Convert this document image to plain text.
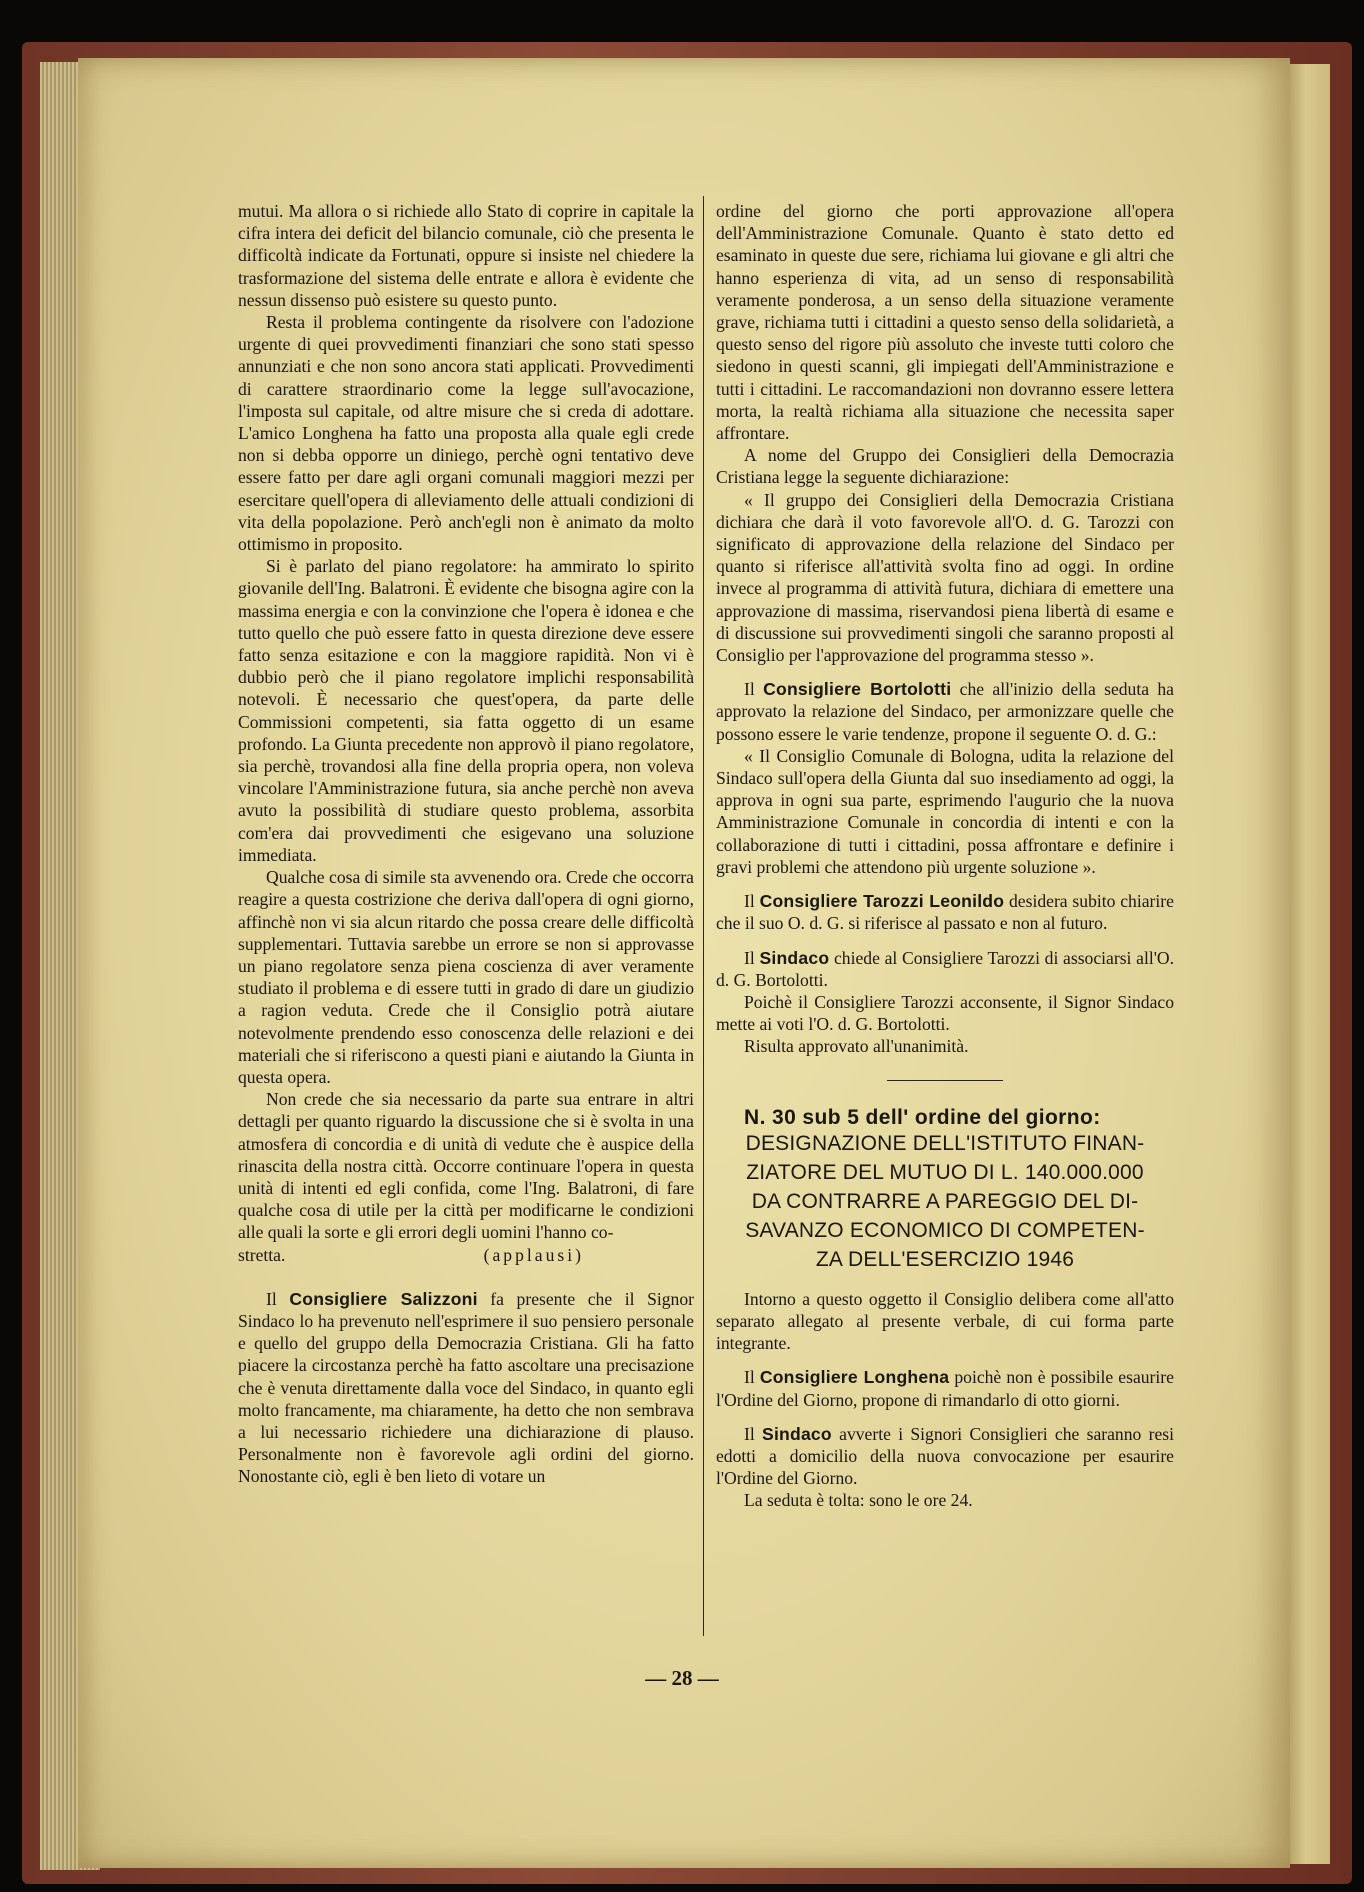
mutui. Ma allora o si richiede allo Stato di coprire in capitale la cifra intera dei deficit del bilancio comunale, ciò che presenta le difficoltà indicate da Fortunati, oppure si insiste nel chiedere la trasformazione del sistema delle entrate e allora è evidente che nessun dissenso può esistere su questo punto.

Resta il problema contingente da risolvere con l'adozione urgente di quei provvedimenti finanziari che sono stati spesso annunziati e che non sono ancora stati applicati. Provvedimenti di carattere straordinario come la legge sull'avocazione, l'imposta sul capitale, od altre misure che si creda di adottare. L'amico Longhena ha fatto una proposta alla quale egli crede non si debba opporre un diniego, perchè ogni tentativo deve essere fatto per dare agli organi comunali maggiori mezzi per esercitare quell'opera di alleviamento delle attuali condizioni di vita della popolazione. Però anch'egli non è animato da molto ottimismo in proposito.

Si è parlato del piano regolatore: ha ammirato lo spirito giovanile dell'Ing. Balatroni. È evidente che bisogna agire con la massima energia e con la convinzione che l'opera è idonea e che tutto quello che può essere fatto in questa direzione deve essere fatto senza esitazione e con la maggiore rapidità. Non vi è dubbio però che il piano regolatore implichi responsabilità notevoli. È necessario che quest'opera, da parte delle Commissioni competenti, sia fatta oggetto di un esame profondo. La Giunta precedente non approvò il piano regolatore, sia perchè, trovandosi alla fine della propria opera, non voleva vincolare l'Amministrazione futura, sia anche perchè non aveva avuto la possibilità di studiare questo problema, assorbita com'era dai provvedimenti che esigevano una soluzione immediata.

Qualche cosa di simile sta avvenendo ora. Crede che occorra reagire a questa costrizione che deriva dall'opera di ogni giorno, affinchè non vi sia alcun ritardo che possa creare delle difficoltà supplementari. Tuttavia sarebbe un errore se non si approvasse un piano regolatore senza piena coscienza di aver veramente studiato il problema e di essere tutti in grado di dare un giudizio a ragion veduta. Crede che il Consiglio potrà aiutare notevolmente prendendo esso conoscenza delle relazioni e dei materiali che si riferiscono a questi piani e aiutando la Giunta in questa opera.

Non crede che sia necessario da parte sua entrare in altri dettagli per quanto riguardo la discussione che si è svolta in una atmosfera di concordia e di unità di vedute che è auspice della rinascita della nostra città. Occorre continuare l'opera in questa unità di intenti ed egli confida, come l'Ing. Balatroni, di fare qualche cosa di utile per la città per modificarne le condizioni alle quali la sorte e gli errori degli uomini l'hanno co-

stretta.	(applausi)

Il Consigliere Salizzoni fa presente che il Signor Sindaco lo ha prevenuto nell'esprimere il suo pensiero personale e quello del gruppo della Democrazia Cristiana. Gli ha fatto piacere la circostanza perchè ha fatto ascoltare una precisazione che è venuta direttamente dalla voce del Sindaco, in quanto egli molto francamente, ma chiaramente, ha detto che non sembrava a lui necessario richiedere una dichiarazione di plauso. Personalmente non è favorevole agli ordini del giorno. Nonostante ciò, egli è ben lieto di votare un

ordine del giorno che porti approvazione all'opera dell'Amministrazione Comunale. Quanto è stato detto ed esaminato in queste due sere, richiama lui giovane e gli altri che hanno esperienza di vita, ad un senso di responsabilità veramente ponderosa, a un senso della situazione veramente grave, richiama tutti i cittadini a questo senso della solidarietà, a questo senso del rigore più assoluto che investe tutti coloro che siedono in questi scanni, gli impiegati dell'Amministrazione e tutti i cittadini. Le raccomandazioni non dovranno essere lettera morta, la realtà richiama alla situazione che necessita saper affrontare.

A nome del Gruppo dei Consiglieri della Democrazia Cristiana legge la seguente dichiarazione:

« Il gruppo dei Consiglieri della Democrazia Cristiana dichiara che darà il voto favorevole all'O. d. G. Tarozzi con significato di approvazione della relazione del Sindaco per quanto si riferisce all'attività svolta fino ad oggi. In ordine invece al programma di attività futura, dichiara di emettere una approvazione di massima, riservandosi piena libertà di esame e di discussione sui provvedimenti singoli che saranno proposti al Consiglio per l'approvazione del programma stesso ».

Il Consigliere Bortolotti che all'inizio della seduta ha approvato la relazione del Sindaco, per armonizzare quelle che possono essere le varie tendenze, propone il seguente O. d. G.:

« Il Consiglio Comunale di Bologna, udita la relazione del Sindaco sull'opera della Giunta dal suo insediamento ad oggi, la approva in ogni sua parte, esprimendo l'augurio che la nuova Amministrazione Comunale in concordia di intenti e con la collaborazione di tutti i cittadini, possa affrontare e definire i gravi problemi che attendono più urgente soluzione ».

Il Consigliere Tarozzi Leonildo desidera subito chiarire che il suo O. d. G. si riferisce al passato e non al futuro.

Il Sindaco chiede al Consigliere Tarozzi di associarsi all'O. d. G. Bortolotti.

Poichè il Consigliere Tarozzi acconsente, il Signor Sindaco mette ai voti l'O. d. G. Bortolotti.

Risulta approvato all'unanimità.

N. 30 sub 5 dell' ordine del giorno:

DESIGNAZIONE DELL'ISTITUTO FINAN-
ZIATORE DEL MUTUO DI L. 140.000.000
DA CONTRARRE A PAREGGIO DEL DI-
SAVANZO ECONOMICO DI COMPETEN-
ZA DELL'ESERCIZIO 1946

Intorno a questo oggetto il Consiglio delibera come all'atto separato allegato al presente verbale, di cui forma parte integrante.

Il Consigliere Longhena poichè non è possibile esaurire l'Ordine del Giorno, propone di rimandarlo di otto giorni.

Il Sindaco avverte i Signori Consiglieri che saranno resi edotti a domicilio della nuova convocazione per esaurire l'Ordine del Giorno.

La seduta è tolta: sono le ore 24.

— 28 —
